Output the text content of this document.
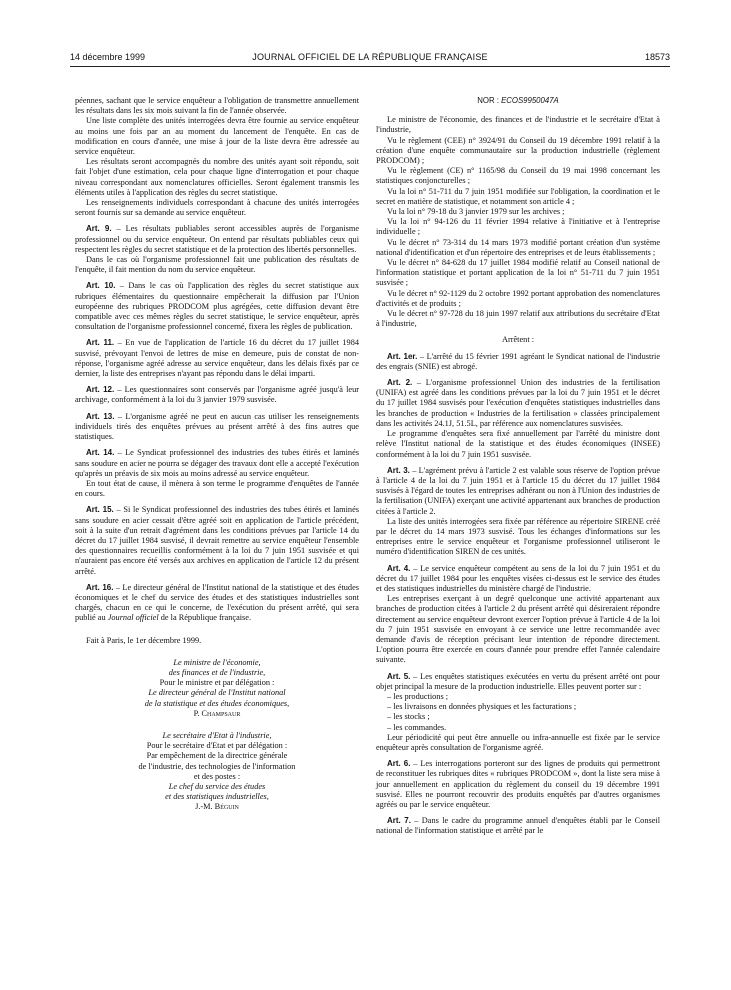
14 décembre 1999	JOURNAL OFFICIEL DE LA RÉPUBLIQUE FRANÇAISE	18573

péennes, sachant que le service enquêteur a l'obligation de transmettre annuellement les résultats dans les six mois suivant la fin de l'année observée.

Une liste complète des unités interrogées devra être fournie au service enquêteur au moins une fois par an au moment du lancement de l'enquête. En cas de modification en cours d'année, une mise à jour de la liste devra être adressée au service enquêteur.

Les résultats seront accompagnés du nombre des unités ayant soit répondu, soit fait l'objet d'une estimation, cela pour chaque ligne d'interrogation et pour chaque niveau correspondant aux nomenclatures officielles. Seront également transmis les éléments utiles à l'application des règles du secret statistique.

Les renseignements individuels correspondant à chacune des unités interrogées seront fournis sur sa demande au service enquêteur.

Art. 9. – Les résultats publiables seront accessibles auprès de l'organisme professionnel ou du service enquêteur. On entend par résultats publiables ceux qui respectent les règles du secret statistique et de la protection des libertés personnelles.

Dans le cas où l'organisme professionnel fait une publication des résultats de l'enquête, il fait mention du nom du service enquêteur.

Art. 10. – Dans le cas où l'application des règles du secret statistique aux rubriques élémentaires du questionnaire empêcherait la diffusion par l'Union européenne des rubriques PRODCOM plus agrégées, cette diffusion devant être compatible avec ces mêmes règles du secret statistique, le service enquêteur, après consultation de l'organisme professionnel concerné, fixera les règles de publication.

Art. 11. – En vue de l'application de l'article 16 du décret du 17 juillet 1984 susvisé, prévoyant l'envoi de lettres de mise en demeure, puis de constat de non-réponse, l'organisme agréé adresse au service enquêteur, dans les délais fixés par ce dernier, la liste des entreprises n'ayant pas répondu dans le délai imparti.

Art. 12. – Les questionnaires sont conservés par l'organisme agréé jusqu'à leur archivage, conformément à la loi du 3 janvier 1979 susvisée.

Art. 13. – L'organisme agréé ne peut en aucun cas utiliser les renseignements individuels tirés des enquêtes prévues au présent arrêté à des fins autres que statistiques.

Art. 14. – Le Syndicat professionnel des industries des tubes étirés et laminés sans soudure en acier ne pourra se dégager des travaux dont elle a accepté l'exécution qu'après un préavis de six mois au moins adressé au service enquêteur.

En tout état de cause, il mènera à son terme le programme d'enquêtes de l'année en cours.

Art. 15. – Si le Syndicat professionnel des industries des tubes étirés et laminés sans soudure en acier cessait d'être agréé soit en application de l'article précédent, soit à la suite d'un retrait d'agrément dans les conditions prévues par l'article 14 du décret du 17 juillet 1984 susvisé, il devrait remettre au service enquêteur l'ensemble des questionnaires recueillis conformément à la loi du 7 juin 1951 susvisée et qui n'auraient pas encore été versés aux archives en application de l'article 12 du présent arrêté.

Art. 16. – Le directeur général de l'Institut national de la statistique et des études économiques et le chef du service des études et des statistiques industrielles sont chargés, chacun en ce qui le concerne, de l'exécution du présent arrêté, qui sera publié au Journal officiel de la République française.

Fait à Paris, le 1er décembre 1999.

Le ministre de l'économie,
des finances et de l'industrie,
Pour le ministre et par délégation :
Le directeur général de l'Institut national
de la statistique et des études économiques,
P. Champsaur
Le secrétaire d'Etat à l'industrie,
Pour le secrétaire d'Etat et par délégation :
Par empêchement de la directrice générale
de l'industrie, des technologies de l'information
et des postes :
Le chef du service des études
et des statistiques industrielles,
J.-M. Béguin

NOR : ECOS9950047A

Le ministre de l'économie, des finances et de l'industrie et le secrétaire d'Etat à l'industrie,

Vu le règlement (CEE) n° 3924/91 du Conseil du 19 décembre 1991 relatif à la création d'une enquête communautaire sur la production industrielle (règlement PRODCOM) ;

Vu le règlement (CE) n° 1165/98 du Conseil du 19 mai 1998 concernant les statistiques conjoncturelles ;

Vu la loi n° 51-711 du 7 juin 1951 modifiée sur l'obligation, la coordination et le secret en matière de statistique, et notamment son article 4 ;

Vu la loi n° 79-18 du 3 janvier 1979 sur les archives ;

Vu la loi n° 94-126 du 11 février 1994 relative à l'initiative et à l'entreprise individuelle ;

Vu le décret n° 73-314 du 14 mars 1973 modifié portant création d'un système national d'identification et d'un répertoire des entreprises et de leurs établissements ;

Vu le décret n° 84-628 du 17 juillet 1984 modifié relatif au Conseil national de l'information statistique et portant application de la loi n° 51-711 du 7 juin 1951 susvisée ;

Vu le décret n° 92-1129 du 2 octobre 1992 portant approbation des nomenclatures d'activités et de produits ;

Vu le décret n° 97-728 du 18 juin 1997 relatif aux attributions du secrétaire d'Etat à l'industrie,

Arrêtent :

Art. 1er. – L'arrêté du 15 février 1991 agréant le Syndicat national de l'industrie des engrais (SNIE) est abrogé.

Art. 2. – L'organisme professionnel Union des industries de la fertilisation (UNIFA) est agréé dans les conditions prévues par la loi du 7 juin 1951 et le décret du 17 juillet 1984 susvisés pour l'exécution d'enquêtes statistiques industrielles dans les branches de production « Industries de la fertilisation » classées principalement dans les activités 24.1J, 51.5L, par référence aux nomenclatures susvisées.

Le programme d'enquêtes sera fixé annuellement par l'arrêté du ministre dont relève l'Institut national de la statistique et des études économiques (INSEE) conformément à la loi du 7 juin 1951 susvisée.

Art. 3. – L'agrément prévu à l'article 2 est valable sous réserve de l'option prévue à l'article 4 de la loi du 7 juin 1951 et à l'article 15 du décret du 17 juillet 1984 susvisés à l'égard de toutes les entreprises adhérant ou non à l'Union des industries de la fertilisation (UNIFA) exerçant une activité appartenant aux branches de production citées à l'article 2.

La liste des unités interrogées sera fixée par référence au répertoire SIRENE créé par le décret du 14 mars 1973 susvisé. Tous les échanges d'informations sur les entreprises entre le service enquêteur et l'organisme professionnel utiliseront le numéro d'identification SIREN de ces unités.

Art. 4. – Le service enquêteur compétent au sens de la loi du 7 juin 1951 et du décret du 17 juillet 1984 pour les enquêtes visées ci-dessus est le service des études et des statistiques industrielles du ministère chargé de l'industrie.

Les entreprises exerçant à un degré quelconque une activité appartenant aux branches de production citées à l'article 2 du présent arrêté qui désireraient répondre directement au service enquêteur devront exercer l'option prévue à l'article 4 de la loi du 7 juin 1951 susvisée en envoyant à ce service une lettre recommandée avec demande d'avis de réception précisant leur intention de répondre directement. L'option pourra être exercée en cours d'année pour prendre effet l'année calendaire suivante.

Art. 5. – Les enquêtes statistiques exécutées en vertu du présent arrêté ont pour objet principal la mesure de la production industrielle. Elles peuvent porter sur :

– les productions ;
– les livraisons en données physiques et les facturations ;
– les stocks ;
– les commandes.

Leur périodicité qui peut être annuelle ou infra-annuelle est fixée par le service enquêteur après consultation de l'organisme agréé.

Art. 6. – Les interrogations porteront sur des lignes de produits qui permettront de reconstituer les rubriques dites « rubriques PRODCOM », dont la liste sera mise à jour annuellement en application du règlement du conseil du 19 décembre 1991 susvisé. Elles ne pourront recouvrir des produits enquêtés par d'autres organismes agréés ou par le service enquêteur.

Art. 7. – Dans le cadre du programme annuel d'enquêtes établi par le Conseil national de l'information statistique et arrêté par le
